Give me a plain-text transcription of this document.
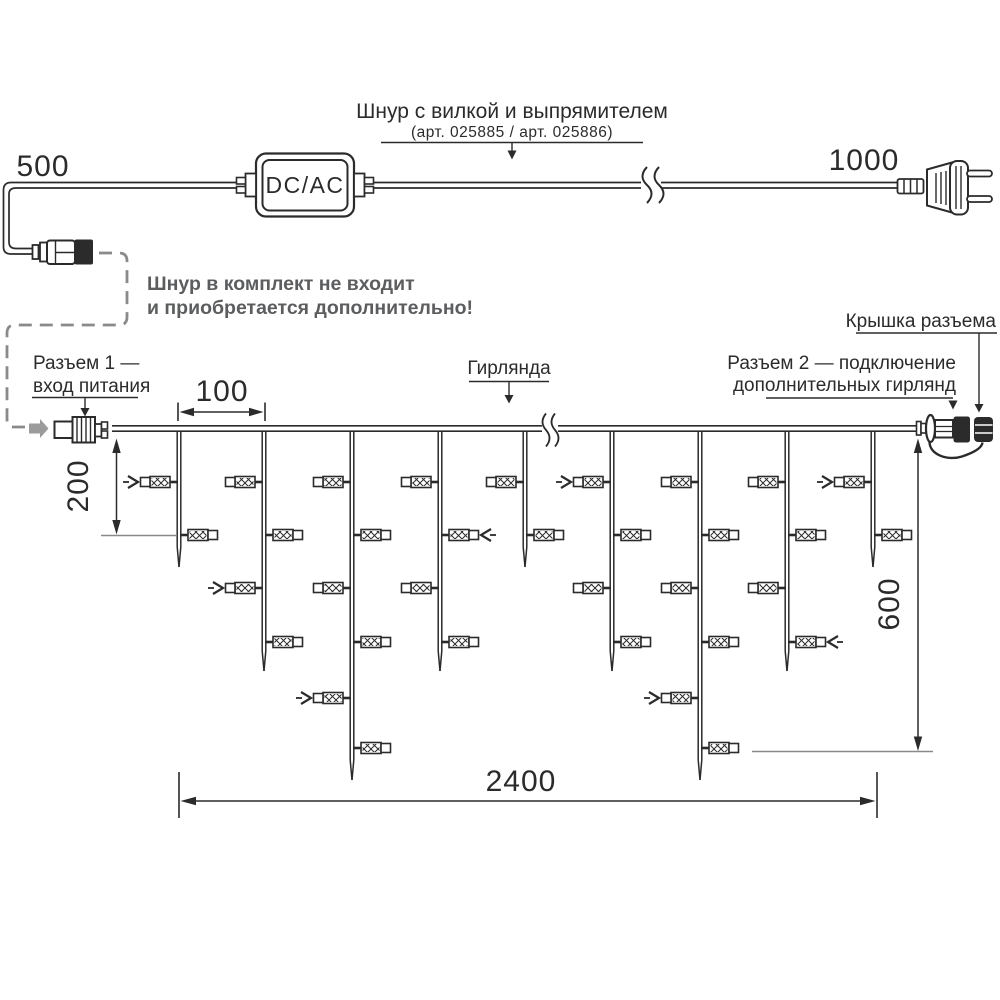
DC/AC
500	1000
Шнур с вилкой и выпрямителем
(арт. 025885 / арт. 025886)
Шнур в комплект не входит
и приобретается дополнительно!
Разъем 1 —
вход питания
Разъем 2 — подключение
дополнительных гирлянд
Крышка разъема
Гирлянда
100
200
600
2400
